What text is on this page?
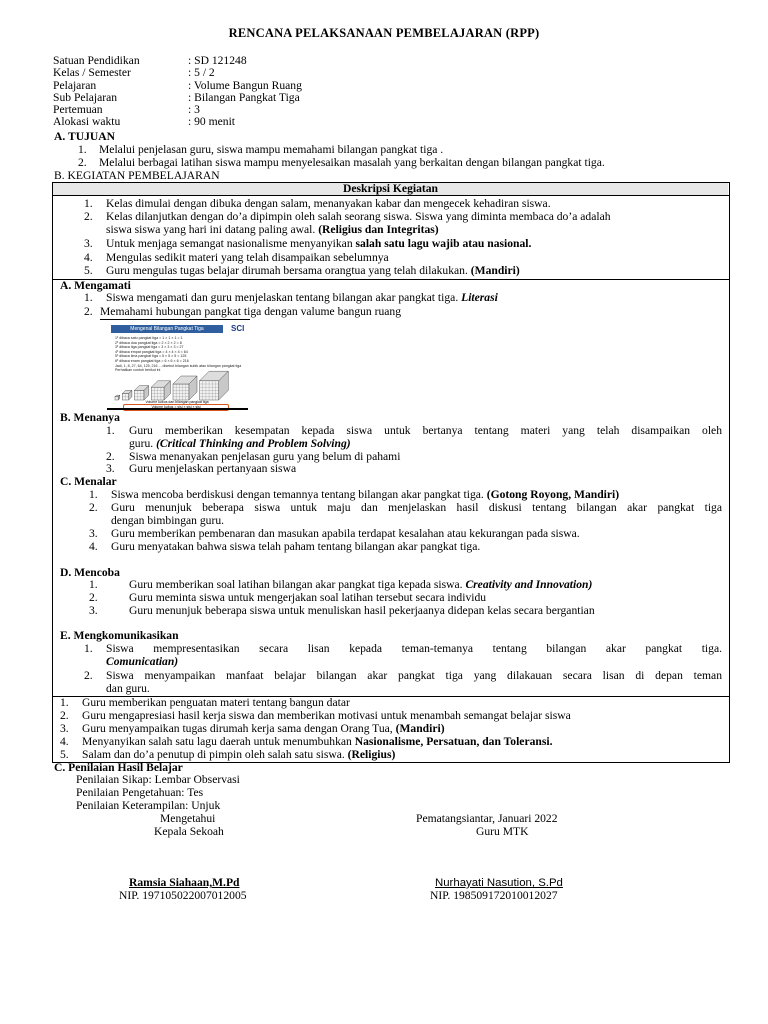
RENCANA PELAKSANAAN PEMBELAJARAN (RPP)
Satuan Pendidikan	: SD 121248
Kelas / Semester	: 5 / 2
Pelajaran	: Volume Bangun Ruang
Sub Pelajaran	: Bilangan Pangkat Tiga
Pertemuan	: 3
Alokasi waktu	: 90 menit
A. TUJUAN
1. Melalui penjelasan guru, siswa mampu memahami bilangan pangkat tiga .
2. Melalui berbagai latihan siswa mampu menyelesaikan masalah yang berkaitan dengan bilangan pangkat tiga.
B. KEGIATAN PEMBELAJARAN
Deskripsi Kegiatan
1. Kelas dimulai dengan dibuka dengan salam, menanyakan kabar dan mengecek kehadiran siswa.
2. Kelas dilanjutkan dengan do’a dipimpin oleh salah seorang siswa. Siswa yang diminta membaca do’a adalah
siswa siswa yang hari ini datang paling awal. (Religius dan Integritas)
3. Untuk menjaga semangat nasionalisme menyanyikan salah satu lagu wajib atau nasional.
4. Mengulas sedikit materi yang telah disampaikan sebelumnya
5. Guru mengulas tugas belajar dirumah bersama orangtua yang telah dilakukan. (Mandiri)
A. Mengamati
1. Siswa mengamati dan guru menjelaskan tentang bilangan akar pangkat tiga. Literasi
2. Memahami hubungan pangkat tiga dengan valume bangun ruang
Mengenal Bilangan Pangkat Tiga	SCI
1³ dibaca satu pangkat tiga = 1 × 1 × 1 = 1
2³ dibaca dua pangkat tiga = 2 × 2 × 2 = 8
3³ dibaca tiga pangkat tiga = 3 × 3 × 3 = 27
4³ dibaca empat pangkat tiga = 4 × 4 × 4 = 64
5³ dibaca lima pangkat tiga = 5 × 5 × 5 = 125
6³ dibaca enam pangkat tiga = 6 × 6 × 6 = 216
Jadi, 1, 8, 27, 64, 125, 216 ... disebut bilangan kubik atau bilangan pangkat tiga
Perhatikan contoh berikut ini
Volume kubus dan bilangan pangkat tiga
Volume kubus = sisi × sisi × sisi
B. Menanya
1. Guru memberikan kesempatan kepada siswa untuk bertanya tentang materi yang telah disampaikan oleh
guru. (Critical Thinking and Problem Solving)
2. Siswa menanyakan penjelasan guru yang belum di pahami
3. Guru menjelaskan pertanyaan siswa
C. Menalar
1. Siswa mencoba berdiskusi dengan temannya tentang bilangan akar pangkat tiga. (Gotong Royong, Mandiri)
2. Guru menunjuk beberapa siswa untuk maju dan menjelaskan hasil diskusi tentang bilangan akar pangkat tiga
dengan bimbingan guru.
3. Guru memberikan pembenaran dan masukan apabila terdapat kesalahan atau kekurangan pada siswa.
4. Guru menyatakan bahwa siswa telah paham tentang bilangan akar pangkat tiga.
D. Mencoba
1.	Guru memberikan soal latihan bilangan akar pangkat tiga kepada siswa. Creativity and Innovation)
2.	Guru meminta siswa untuk mengerjakan soal latihan tersebut secara individu
3.	Guru menunjuk beberapa siswa untuk menuliskan hasil pekerjaanya didepan kelas secara bergantian
E. Mengkomunikasikan
1. Siswa mempresentasikan secara lisan kepada teman-temanya tentang bilangan akar pangkat tiga.
Comunicatian)
2. Siswa menyampaikan manfaat belajar bilangan akar pangkat tiga yang dilakauan secara lisan di depan teman
dan guru.
1. Guru memberikan penguatan materi tentang bangun datar
2. Guru mengapresiasi hasil kerja siswa dan memberikan motivasi untuk menambah semangat belajar siswa
3. Guru menyampaikan tugas dirumah kerja sama dengan Orang Tua, (Mandiri)
4. Menyanyikan salah satu lagu daerah untuk menumbuhkan Nasionalisme, Persatuan, dan Toleransi.
5. Salam dan do’a penutup di pimpin oleh salah satu siswa. (Religius)
C. Penilaian Hasil Belajar
Penilaian Sikap: Lembar Observasi
Penilaian Pengetahuan: Tes
Penilaian Keterampilan: Unjuk
Mengetahui
Kepala Sekoah
Pematangsiantar, Januari 2022
Guru MTK
Ramsia Siahaan,M.Pd
NIP. 197105022007012005
Nurhayati Nasution, S.Pd
NIP. 198509172010012027
